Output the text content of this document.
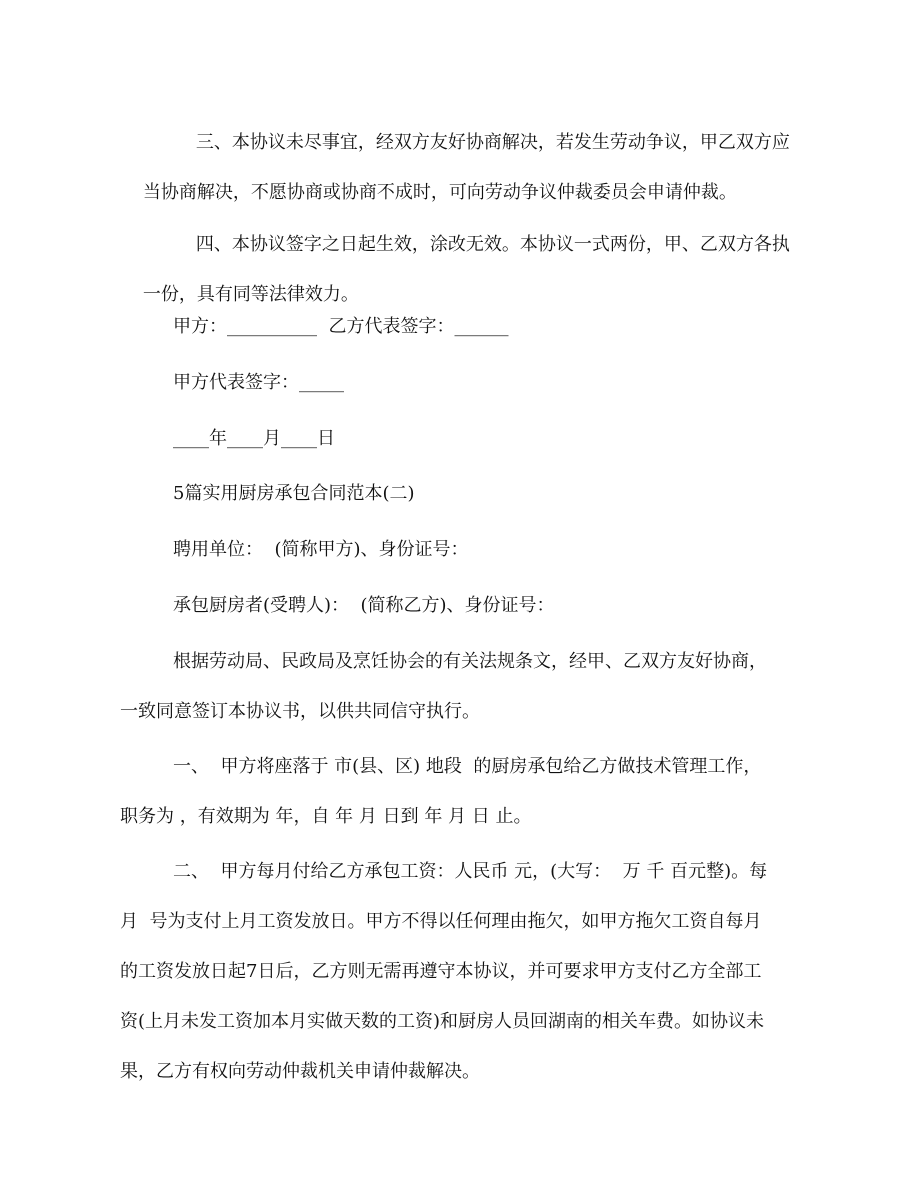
三、本协议未尽事宜，经双方友好协商解决，若发生劳动争议，甲乙双方应

当协商解决，不愿协商或协商不成时，可向劳动争议仲裁委员会申请仲裁。

四、本协议签字之日起生效，涂改无效。本协议一式两份，甲、乙双方各执

一份，具有同等法律效力。

甲方：__________  乙方代表签字：______

甲方代表签字：_____

____年____月____日

5篇实用厨房承包合同范本(二)

聘用单位：  (简称甲方)、身份证号：

承包厨房者(受聘人)：  (简称乙方)、身份证号：

根据劳动局、民政局及烹饪协会的有关法规条文，经甲、乙双方友好协商，

一致同意签订本协议书，以供共同信守执行。

一、  甲方将座落于 市(县、区) 地段  的厨房承包给乙方做技术管理工作，

职务为 ，有效期为 年，自 年 月 日到 年 月 日 止。

二、  甲方每月付给乙方承包工资：人民币 元，(大写：  万 千 百元整)。每

月  号为支付上月工资发放日。甲方不得以任何理由拖欠，如甲方拖欠工资自每月

的工资发放日起7日后，乙方则无需再遵守本协议，并可要求甲方支付乙方全部工

资(上月未发工资加本月实做天数的工资)和厨房人员回湖南的相关车费。如协议未

果，乙方有权向劳动仲裁机关申请仲裁解决。
